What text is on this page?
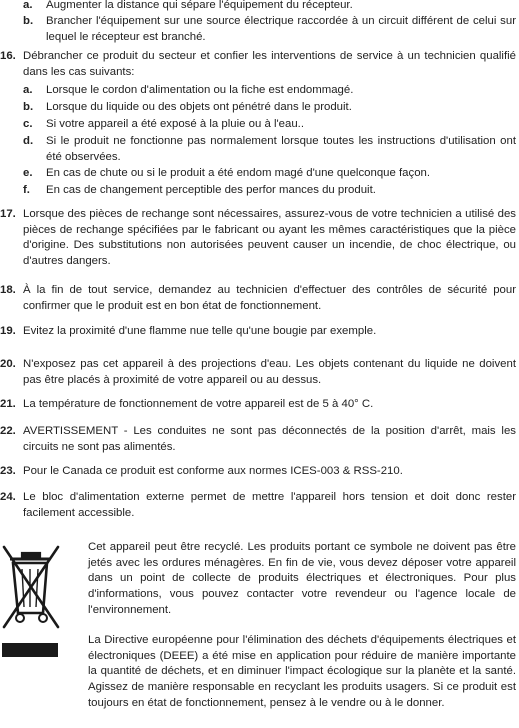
a. Augmenter la distance qui sépare l'équipement du récepteur.
b. Brancher l'équipement sur une source électrique raccordée à un circuit différent de celui sur lequel le récepteur est branché.
16. Débrancher ce produit du secteur et confier les interventions de service à un technicien qualifié dans les cas suivants:
a. Lorsque le cordon d'alimentation ou la fiche est endommagé.
b. Lorsque du liquide ou des objets ont pénétré dans le produit.
c. Si votre appareil a été exposé à la pluie ou à l'eau..
d. Si le produit ne fonctionne pas normalement lorsque toutes les instructions d'utilisation ont été observées.
e. En cas de chute ou si le produit a été endom magé d'une quelconque façon.
f. En cas de changement perceptible des perfor mances du produit.
17. Lorsque des pièces de rechange sont nécessaires, assurez-vous de votre technicien a utilisé des pièces de rechange spécifiées par le fabricant ou ayant les mêmes caractéristiques que la pièce d'origine. Des substitutions non autorisées peuvent causer un incendie, de choc électrique, ou d'autres dangers.
18. À la fin de tout service, demandez au technicien d'effectuer des contrôles de sécurité pour confirmer que le produit est en bon état de fonctionnement.
19. Evitez la proximité d'une flamme nue telle qu'une bougie par exemple.
20. N'exposez pas cet appareil à des projections d'eau. Les objets contenant du liquide ne doivent pas être placés à proximité de votre appareil ou au dessus.
21. La température de fonctionnement de votre appareil est de 5 à 40° C.
22. AVERTISSEMENT - Les conduites ne sont pas déconnectés de la position d'arrêt, mais les circuits ne sont pas alimentés.
23. Pour le Canada ce produit est conforme aux normes ICES-003 & RSS-210.
24. Le bloc d'alimentation externe permet de mettre l'appareil hors tension et doit donc rester facilement accessible.
Cet appareil peut être recyclé. Les produits portant ce symbole ne doivent pas être jetés avec les ordures ménagères. En fin de vie, vous devez déposer votre appareil dans un point de collecte de produits électriques et électroniques. Pour plus d'informations, vous pouvez contacter votre revendeur ou l'agence locale de l'environnement.
La Directive européenne pour l'élimination des déchets d'équipements électriques et électroniques (DEEE) a été mise en application pour réduire de manière importante la quantité de déchets, et en diminuer l'impact écologique sur la planète et la santé. Agissez de manière responsable en recyclant les produits usagers. Si ce produit est toujours en état de fonctionnement, pensez à le vendre ou à le donner.
